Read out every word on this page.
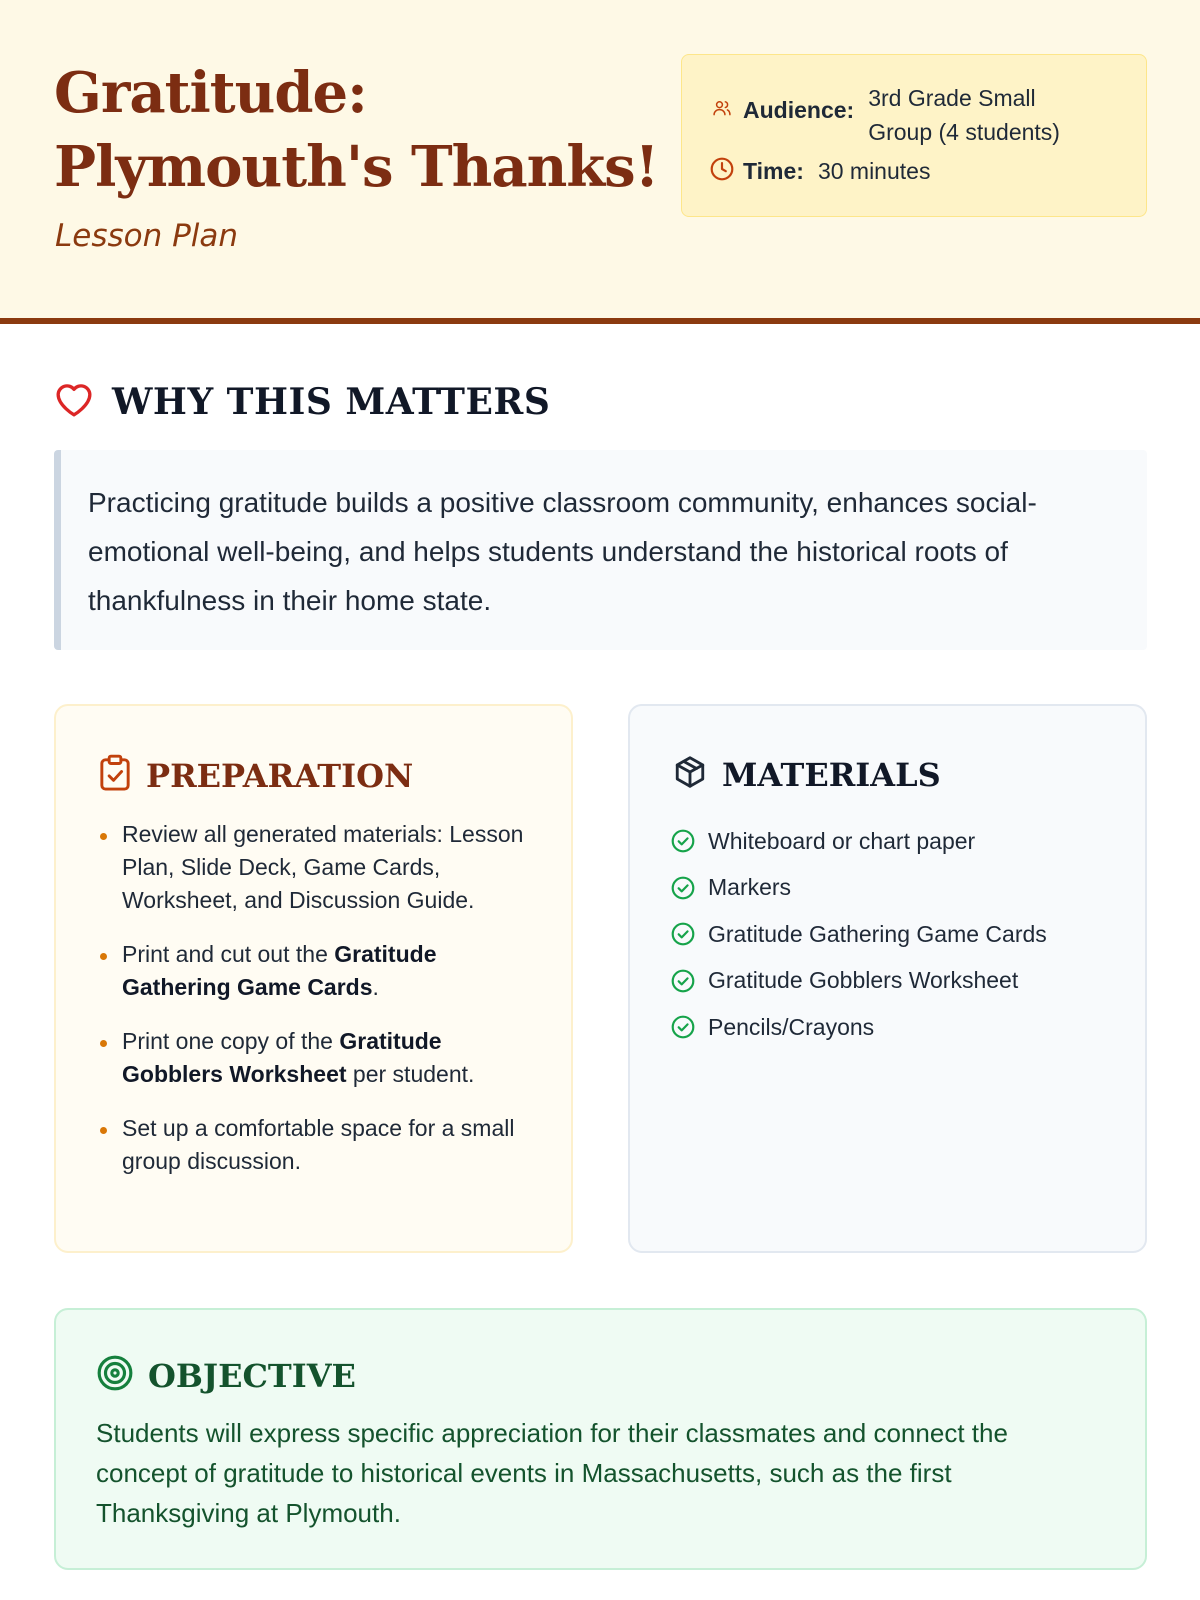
Gratitude: Plymouth's Thanks!
Lesson Plan
Audience: 3rd Grade Small Group (4 students)
Time: 30 minutes
WHY THIS MATTERS

Practicing gratitude builds a positive classroom community, enhances social-emotional well-being, and helps students understand the historical roots of thankfulness in their home state.

PREPARATION
Review all generated materials: Lesson Plan, Slide Deck, Game Cards, Worksheet, and Discussion Guide.
Print and cut out the Gratitude Gathering Game Cards.
Print one copy of the Gratitude Gobblers Worksheet per student.
Set up a comfortable space for a small group discussion.
MATERIALS
Whiteboard or chart paper
Markers
Gratitude Gathering Game Cards
Gratitude Gobblers Worksheet
Pencils/Crayons
OBJECTIVE

Students will express specific appreciation for their classmates and connect the concept of gratitude to historical events in Massachusetts, such as the first Thanksgiving at Plymouth.
